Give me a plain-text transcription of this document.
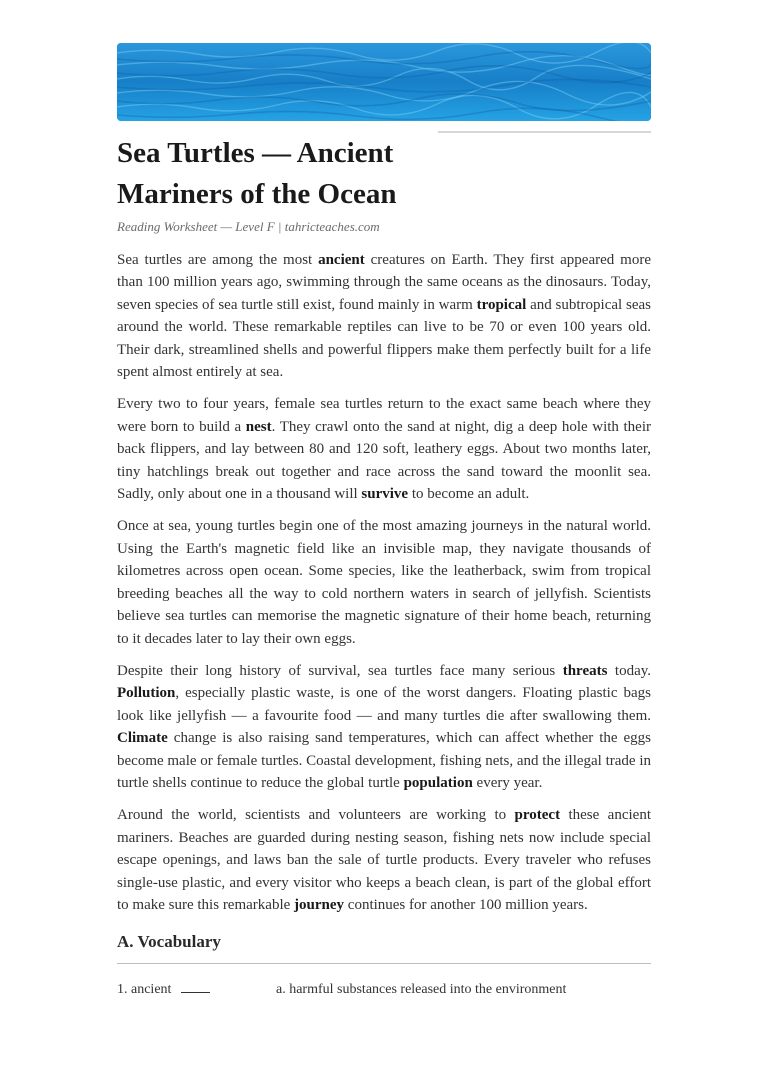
Sea Turtles — Ancient Mariners of the Ocean

Reading Worksheet — Level F | tahricteaches.com

Sea turtles are among the most ancient creatures on Earth. They first appeared more than 100 million years ago, swimming through the same oceans as the dinosaurs. Today, seven species of sea turtle still exist, found mainly in warm tropical and subtropical seas around the world. These remarkable reptiles can live to be 70 or even 100 years old. Their dark, streamlined shells and powerful flippers make them perfectly built for a life spent almost entirely at sea.

Every two to four years, female sea turtles return to the exact same beach where they were born to build a nest. They crawl onto the sand at night, dig a deep hole with their back flippers, and lay between 80 and 120 soft, leathery eggs. About two months later, tiny hatchlings break out together and race across the sand toward the moonlit sea. Sadly, only about one in a thousand will survive to become an adult.

Once at sea, young turtles begin one of the most amazing journeys in the natural world. Using the Earth's magnetic field like an invisible map, they navigate thousands of kilometres across open ocean. Some species, like the leatherback, swim from tropical breeding beaches all the way to cold northern waters in search of jellyfish. Scientists believe sea turtles can memorise the magnetic signature of their home beach, returning to it decades later to lay their own eggs.

Despite their long history of survival, sea turtles face many serious threats today. Pollution, especially plastic waste, is one of the worst dangers. Floating plastic bags look like jellyfish — a favourite food — and many turtles die after swallowing them. Climate change is also raising sand temperatures, which can affect whether the eggs become male or female turtles. Coastal development, fishing nets, and the illegal trade in turtle shells continue to reduce the global turtle population every year.

Around the world, scientists and volunteers are working to protect these ancient mariners. Beaches are guarded during nesting season, fishing nets now include special escape openings, and laws ban the sale of turtle products. Every traveler who refuses single-use plastic, and every visitor who keeps a beach clean, is part of the global effort to make sure this remarkable journey continues for another 100 million years.

A. Vocabulary
1. ancient	a. harmful substances released into the environment
